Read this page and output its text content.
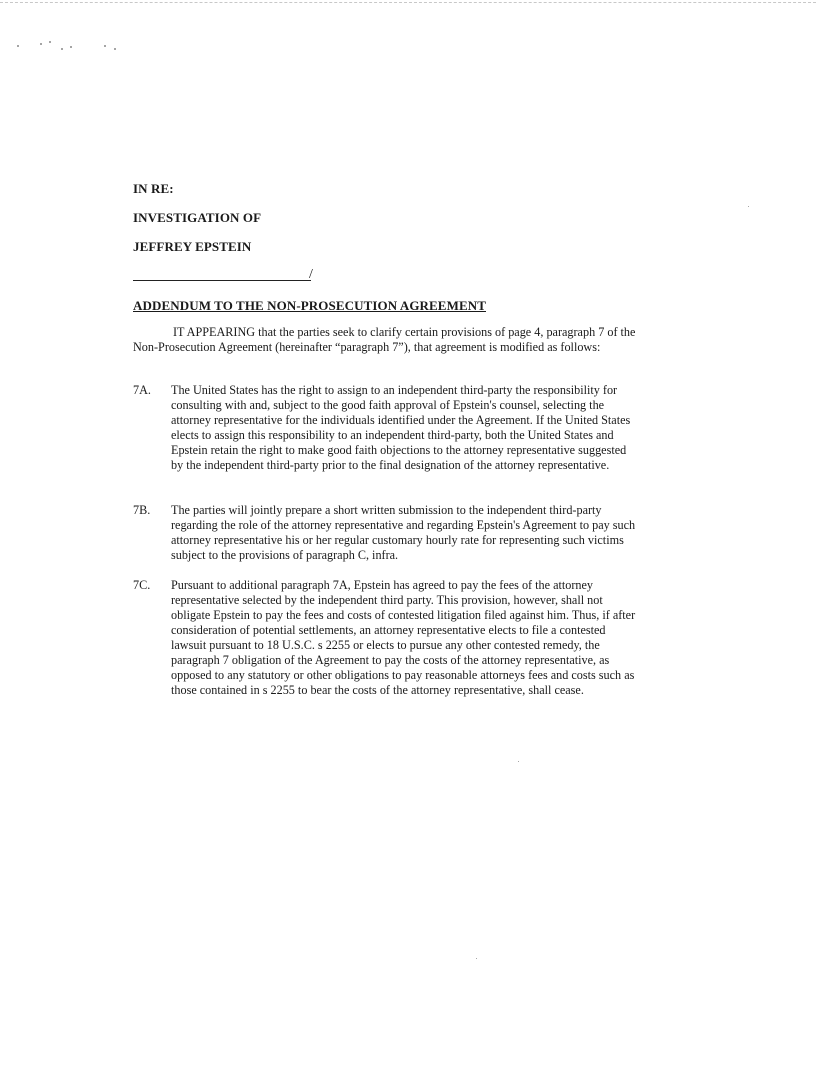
IN RE:
INVESTIGATION OF
JEFFREY EPSTEIN
/
ADDENDUM TO THE NON-PROSECUTION AGREEMENT
IT APPEARING that the parties seek to clarify certain provisions of page 4, paragraph 7 of the Non-Prosecution Agreement (hereinafter “paragraph 7”), that agreement is modified as follows:
7A.	The United States has the right to assign to an independent third-party the responsibility for consulting with and, subject to the good faith approval of Epstein's counsel, selecting the attorney representative for the individuals identified under the Agreement. If the United States elects to assign this responsibility to an independent third-party, both the United States and Epstein retain the right to make good faith objections to the attorney representative suggested by the independent third-party prior to the final designation of the attorney representative.
7B.	The parties will jointly prepare a short written submission to the independent third-party regarding the role of the attorney representative and regarding Epstein's Agreement to pay such attorney representative his or her regular customary hourly rate for representing such victims subject to the provisions of paragraph C, infra.
7C.	Pursuant to additional paragraph 7A, Epstein has agreed to pay the fees of the attorney representative selected by the independent third party. This provision, however, shall not obligate Epstein to pay the fees and costs of contested litigation filed against him. Thus, if after consideration of potential settlements, an attorney representative elects to file a contested lawsuit pursuant to 18 U.S.C. s 2255 or elects to pursue any other contested remedy, the paragraph 7 obligation of the Agreement to pay the costs of the attorney representative, as opposed to any statutory or other obligations to pay reasonable attorneys fees and costs such as those contained in s 2255 to bear the costs of the attorney representative, shall cease.
